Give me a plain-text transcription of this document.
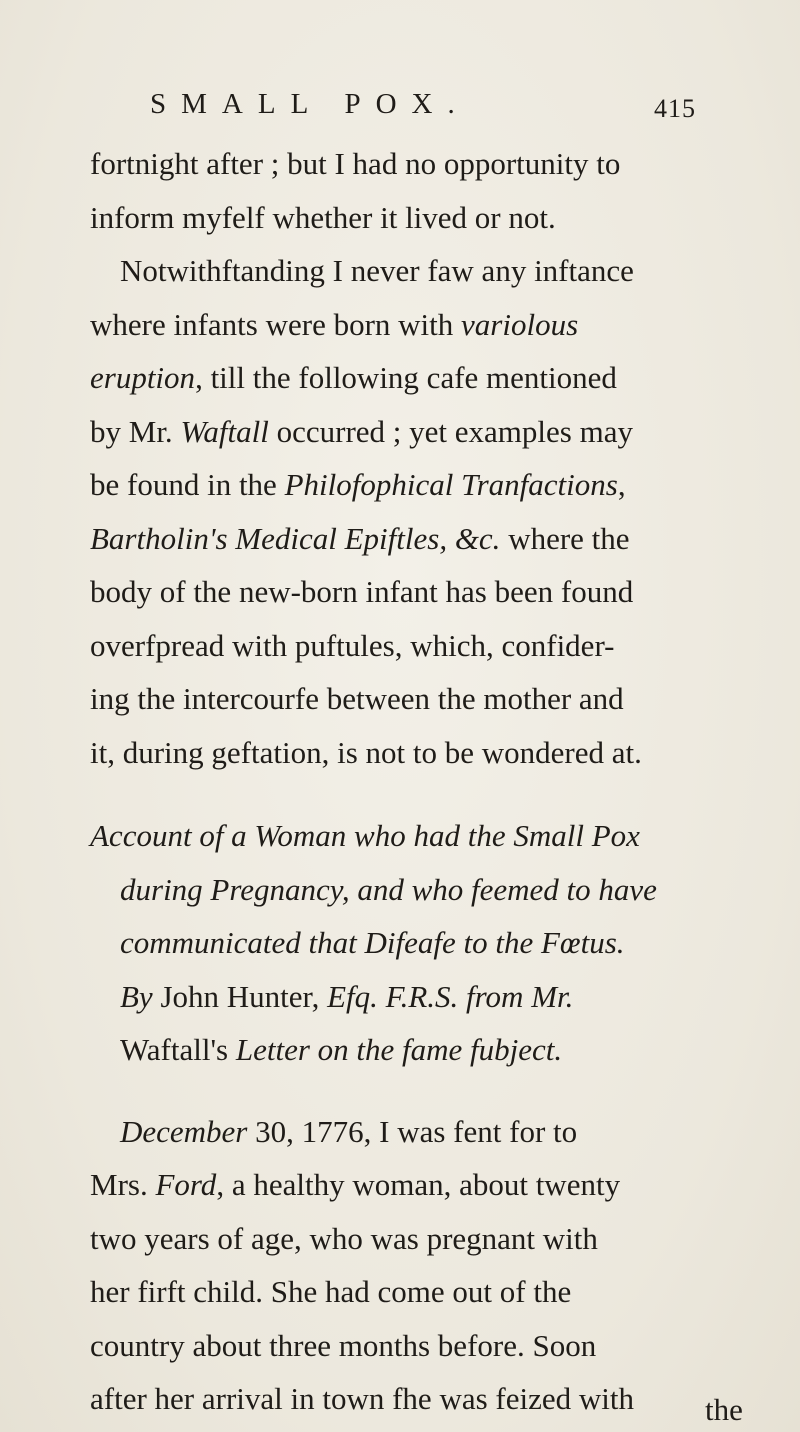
SMALL POX.	415
fortnight after ; but I had no opportunity to
inform myfelf whether it lived or not.
Notwithftanding I never faw any inftance
where infants were born with variolous
eruption, till the following cafe mentioned
by Mr. Waftall occurred ; yet examples may
be found in the Philofophical Tranfactions,
Bartholin's Medical Epiftles, &c. where the
body of the new-born infant has been found
overfpread with puftules, which, confider-
ing the intercourfe between the mother and
it, during geftation, is not to be wondered at.
Account of a Woman who had the Small Pox
during Pregnancy, and who feemed to have
communicated that Difeafe to the Fœtus.
By John Hunter, Efq. F.R.S. from Mr.
Waftall's Letter on the fame fubject.
December 30, 1776, I was fent for to
Mrs. Ford, a healthy woman, about twenty
two years of age, who was pregnant with
her firft child. She had come out of the
country about three months before. Soon
after her arrival in town fhe was feized with the
